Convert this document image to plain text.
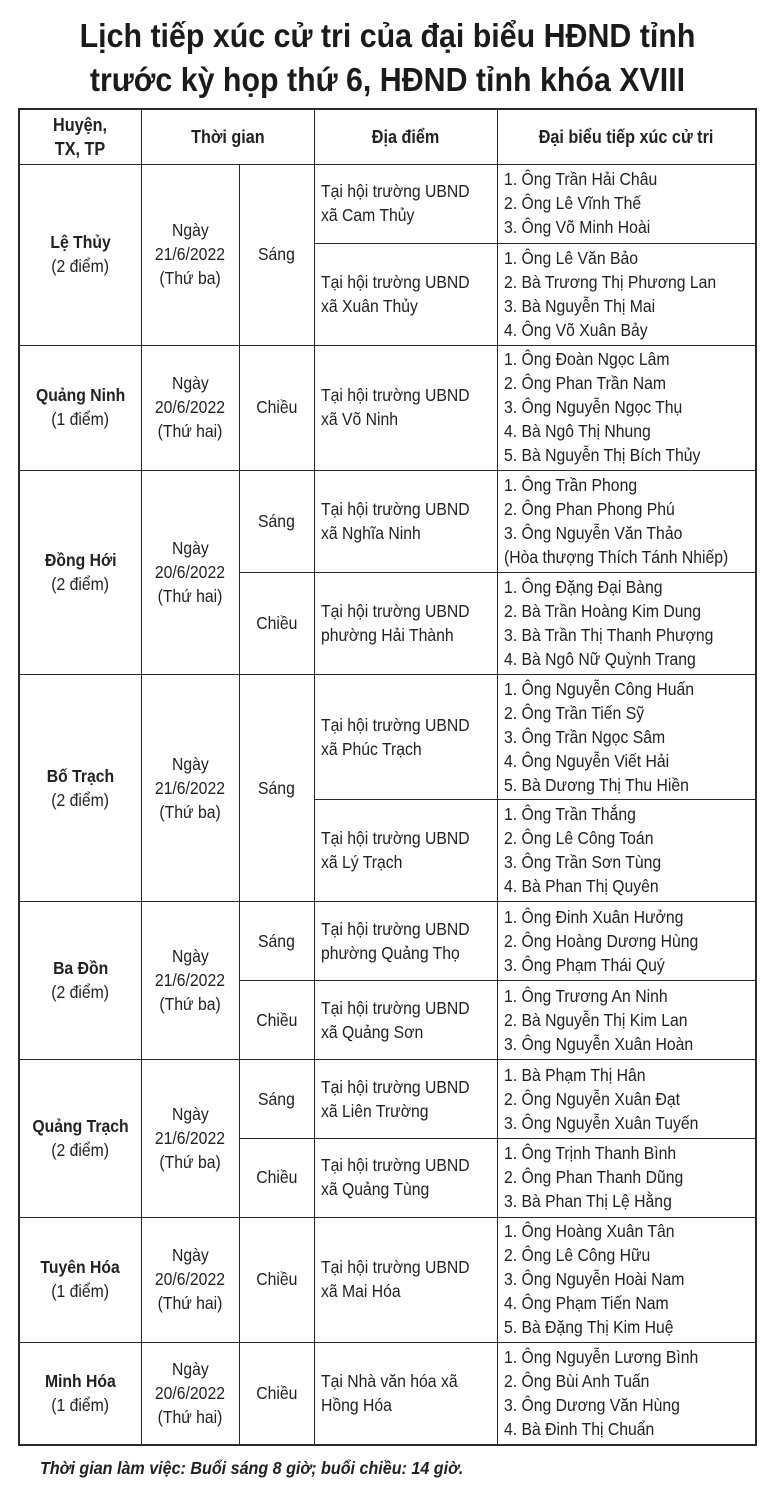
Lịch tiếp xúc cử tri của đại biểu HĐND tỉnh
trước kỳ họp thứ 6, HĐND tỉnh khóa XVIII
Huyện,
TX, TP
Thời gian	Địa điểm	Đại biểu tiếp xúc cử tri
Tại hội trường UBND
xã Cam Thủy
1. Ông Trần Hải Châu
2. Ông Lê Vĩnh Thế
3. Ông Võ Minh Hoài
Tại hội trường UBND
xã Xuân Thủy
1. Ông Lê Văn Bảo
2. Bà Trương Thị Phương Lan
3. Bà Nguyễn Thị Mai
4. Ông Võ Xuân Bảy
Sáng
Lệ Thủy
(2 điểm)
Ngày
21/6/2022
(Thứ ba)
Tại hội trường UBND
xã Võ Ninh
1. Ông Đoàn Ngọc Lâm
2. Ông Phan Trần Nam
3. Ông Nguyễn Ngọc Thụ
4. Bà Ngô Thị Nhung
5. Bà Nguyễn Thị Bích Thủy
Chiều
Quảng Ninh
(1 điểm)
Ngày
20/6/2022
(Thứ hai)
Tại hội trường UBND
xã Nghĩa Ninh
1. Ông Trần Phong
2. Ông Phan Phong Phú
3. Ông Nguyễn Văn Thảo
(Hòa thượng Thích Tánh Nhiếp)
Sáng
Tại hội trường UBND
phường Hải Thành
1. Ông Đặng Đại Bàng
2. Bà Trần Hoàng Kim Dung
3. Bà Trần Thị Thanh Phượng
4. Bà Ngô Nữ Quỳnh Trang
Chiều
Đồng Hới
(2 điểm)
Ngày
20/6/2022
(Thứ hai)
Tại hội trường UBND
xã Phúc Trạch
1. Ông Nguyễn Công Huấn
2. Ông Trần Tiến Sỹ
3. Ông Trần Ngọc Sâm
4. Ông Nguyễn Viết Hải
5. Bà Dương Thị Thu Hiền
Tại hội trường UBND
xã Lý Trạch
1. Ông Trần Thắng
2. Ông Lê Công Toán
3. Ông Trần Sơn Tùng
4. Bà Phan Thị Quyên
Sáng
Bố Trạch
(2 điểm)
Ngày
21/6/2022
(Thứ ba)
Tại hội trường UBND
phường Quảng Thọ
1. Ông Đinh Xuân Hưởng
2. Ông Hoàng Dương Hùng
3. Ông Phạm Thái Quý
Sáng
Tại hội trường UBND
xã Quảng Sơn
1. Ông Trương An Ninh
2. Bà Nguyễn Thị Kim Lan
3. Ông Nguyễn Xuân Hoàn
Chiều
Ba Đồn
(2 điểm)
Ngày
21/6/2022
(Thứ ba)
Tại hội trường UBND
xã Liên Trường
1. Bà Phạm Thị Hân
2. Ông Nguyễn Xuân Đạt
3. Ông Nguyễn Xuân Tuyến
Sáng
Tại hội trường UBND
xã Quảng Tùng
1. Ông Trịnh Thanh Bình
2. Ông Phan Thanh Dũng
3. Bà Phan Thị Lệ Hằng
Chiều
Quảng Trạch
(2 điểm)
Ngày
21/6/2022
(Thứ ba)
Tại hội trường UBND
xã Mai Hóa
1. Ông Hoàng Xuân Tân
2. Ông Lê Công Hữu
3. Ông Nguyễn Hoài Nam
4. Ông Phạm Tiến Nam
5. Bà Đặng Thị Kim Huệ
Chiều
Tuyên Hóa
(1 điểm)
Ngày
20/6/2022
(Thứ hai)
Tại Nhà văn hóa xã
Hồng Hóa
1. Ông Nguyễn Lương Bình
2. Ông Bùi Anh Tuấn
3. Ông Dương Văn Hùng
4. Bà Đinh Thị Chuẩn
Chiều
Minh Hóa
(1 điểm)
Ngày
20/6/2022
(Thứ hai)
Thời gian làm việc: Buổi sáng 8 giờ; buổi chiều: 14 giờ.
